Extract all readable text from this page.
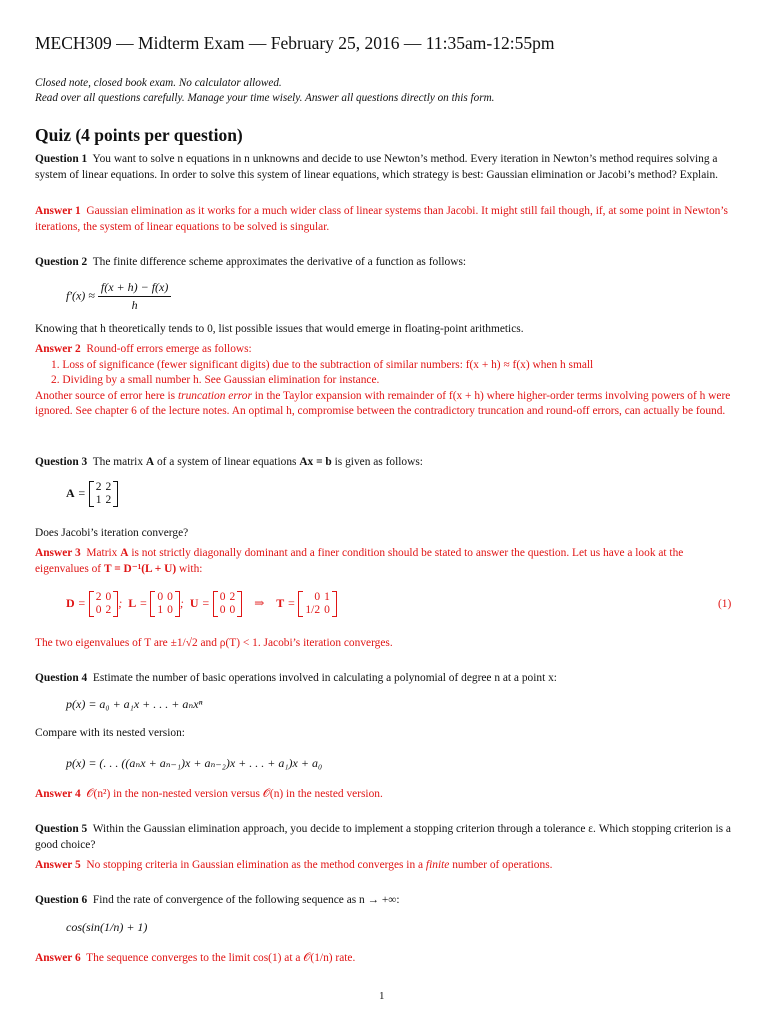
MECH309 — Midterm Exam — February 25, 2016 — 11:35am-12:55pm
Closed note, closed book exam. No calculator allowed.
Read over all questions carefully. Manage your time wisely. Answer all questions directly on this form.
Quiz (4 points per question)
Question 1 You want to solve n equations in n unknowns and decide to use Newton’s method. Every iteration in Newton’s method requires solving a system of linear equations. In order to solve this system of linear equations, which strategy is best: Gaussian elimination or Jacobi’s method? Explain.
Answer 1 Gaussian elimination as it works for a much wider class of linear systems than Jacobi. It might still fail though, if, at some point in Newton’s iterations, the system of linear equations to be solved is singular.
Question 2 The finite difference scheme approximates the derivative of a function as follows:
$f'(x) \approx \frac{f(x + h) - f(x)}{h}$
Knowing that h theoretically tends to 0, list possible issues that would emerge in floating-point arithmetics.
Answer 2 Round-off errors emerge as follows:
1. Loss of significance (fewer significant digits) due to the subtraction of similar numbers: f(x + h) ≈ f(x) when h small
2. Dividing by a small number h. See Gaussian elimination for instance.
Another source of error here is truncation error in the Taylor expansion with remainder of f(x + h) where higher-order terms involving powers of h were ignored. See chapter 6 of the lecture notes. An optimal h, compromise between the contradictory truncation and round-off errors, can actually be found.
Question 3 The matrix A of a system of linear equations Ax = b is given as follows:
A = 2	2
1	2
Does Jacobi’s iteration converge?
Answer 3 Matrix A is not strictly diagonally dominant and a finer condition should be stated to answer the question. Let us have a look at the eigenvalues of T = D⁻¹(L + U) with:
D = 2	0
0	2
;  L = 0	0
1	0
;  U = 0	2
0	0
⇒    T = 0	1
1/2	0	(1)
The two eigenvalues of T are ±1/√2 and ρ(T) < 1. Jacobi’s iteration converges.
Question 4 Estimate the number of basic operations involved in calculating a polynomial of degree n at a point x:
p(x) = a₀ + a₁x + . . . + aₙxⁿ
Compare with its nested version:
p(x) = (. . . ((aₙx + aₙ₋₁)x + aₙ₋₂)x + . . . + a₁)x + a₀
Answer 4 𝒪(n²) in the non-nested version versus 𝒪(n) in the nested version.
Question 5 Within the Gaussian elimination approach, you decide to implement a stopping criterion through a tolerance ε. Which stopping criterion is a good choice?
Answer 5 No stopping criteria in Gaussian elimination as the method converges in a finite number of operations.
Question 6 Find the rate of convergence of the following sequence as n → +∞:
cos(sin(1/n) + 1)
Answer 6 The sequence converges to the limit cos(1) at a 𝒪(1/n) rate.
1
